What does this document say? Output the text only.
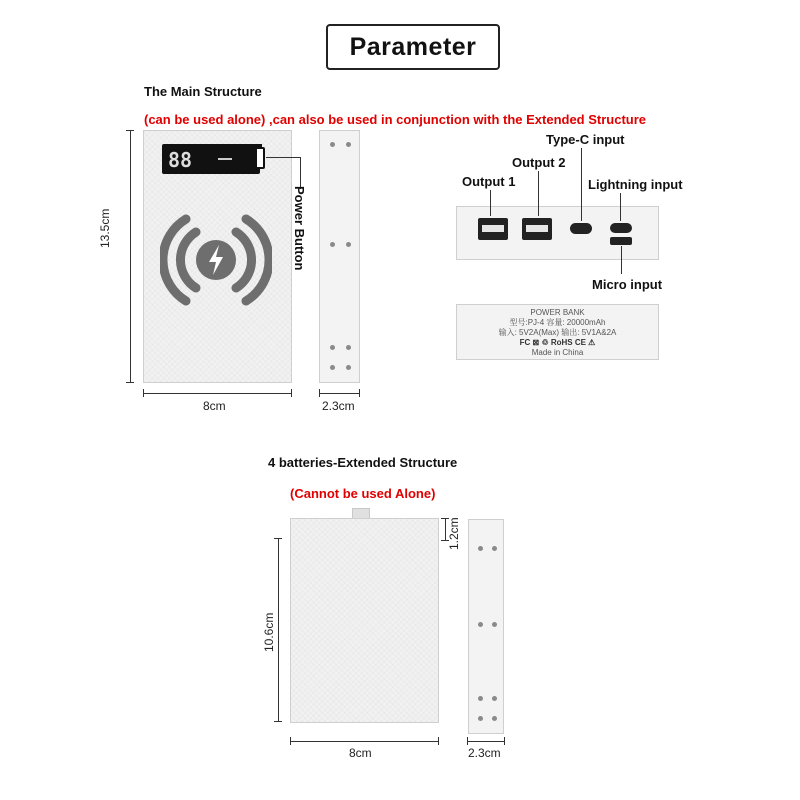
Parameter
The Main Structure
(can be used alone) ,can also be used in conjunction with the Extended Structure
88
Power Button
13.5cm
8cm	2.3cm
Type-C input
Output 2
Output 1	Lightning input
Micro input
POWER BANK
型号:PJ-4 容量: 20000mAh
输入: 5V2A(Max) 输出: 5V1A&2A
FC ⊠ ♲ RoHS CE ⚠
Made in China
4 batteries-Extended Structure
(Cannot be used Alone)
1.2cm
10.6cm
8cm	2.3cm
